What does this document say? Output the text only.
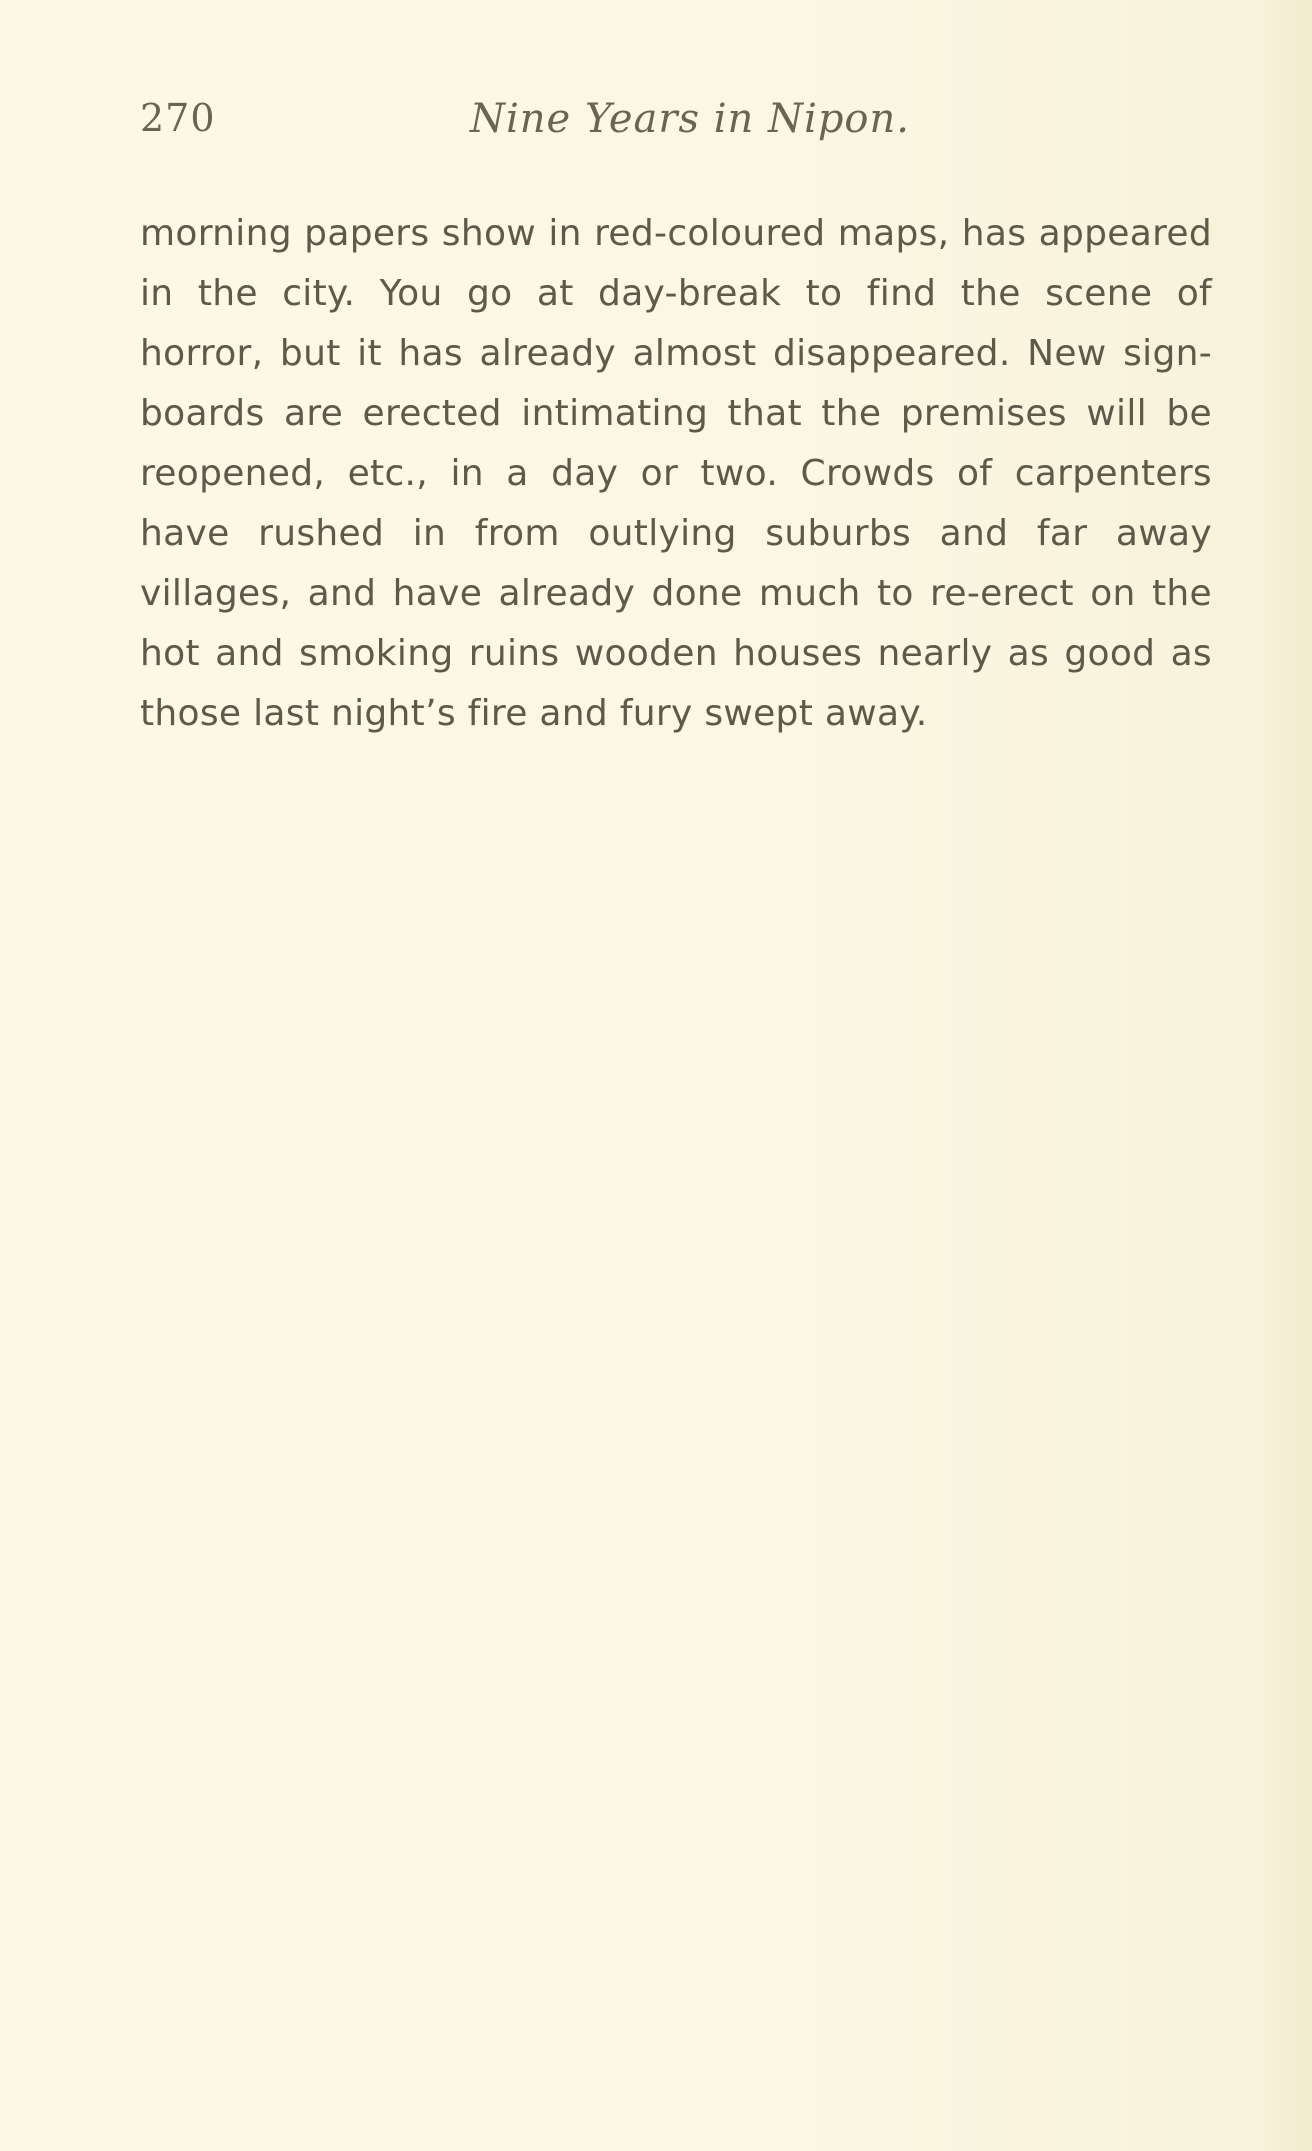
270	Nine Years in Nipon.
morning papers show in red-coloured maps, has appeared
in the city. You go at day-break to find the scene of
horror, but it has already almost disappeared. New sign-
boards are erected intimating that the premises will be
reopened, etc., in a day or two. Crowds of carpenters
have rushed in from outlying suburbs and far away
villages, and have already done much to re-erect on the
hot and smoking ruins wooden houses nearly as good as
those last night’s fire and fury swept away.
